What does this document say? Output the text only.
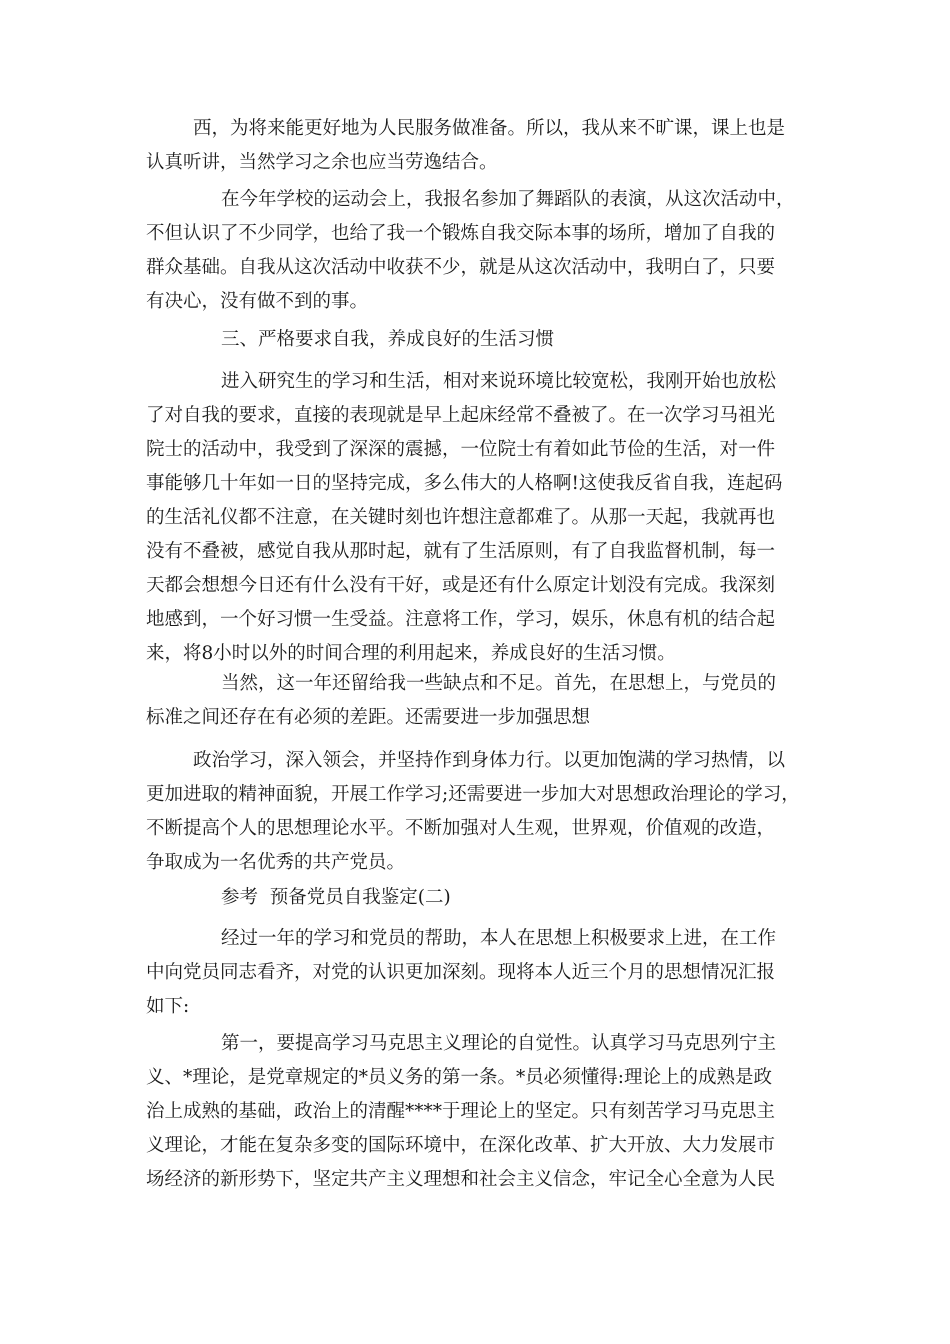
西，为将来能更好地为人民服务做准备。所以，我从来不旷课，课上也是
认真听讲，当然学习之余也应当劳逸结合。
在今年学校的运动会上，我报名参加了舞蹈队的表演，从这次活动中，
不但认识了不少同学，也给了我一个锻炼自我交际本事的场所，增加了自我的
群众基础。自我从这次活动中收获不少，就是从这次活动中，我明白了，只要
有决心，没有做不到的事。
三、严格要求自我，养成良好的生活习惯
进入研究生的学习和生活，相对来说环境比较宽松，我刚开始也放松
了对自我的要求，直接的表现就是早上起床经常不叠被了。在一次学习马祖光
院士的活动中，我受到了深深的震撼，一位院士有着如此节俭的生活，对一件
事能够几十年如一日的坚持完成，多么伟大的人格啊!这使我反省自我，连起码
的生活礼仪都不注意，在关键时刻也许想注意都难了。从那一天起，我就再也
没有不叠被，感觉自我从那时起，就有了生活原则，有了自我监督机制，每一
天都会想想今日还有什么没有干好，或是还有什么原定计划没有完成。我深刻
地感到，一个好习惯一生受益。注意将工作，学习，娱乐，休息有机的结合起
来，将8小时以外的时间合理的利用起来，养成良好的生活习惯。
当然，这一年还留给我一些缺点和不足。首先，在思想上，与党员的
标准之间还存在有必须的差距。还需要进一步加强思想
政治学习，深入领会，并坚持作到身体力行。以更加饱满的学习热情，以
更加进取的精神面貌，开展工作学习;还需要进一步加大对思想政治理论的学习，
不断提高个人的思想理论水平。不断加强对人生观，世界观，价值观的改造，
争取成为一名优秀的共产党员。
参考  预备党员自我鉴定(二)
经过一年的学习和党员的帮助，本人在思想上积极要求上进，在工作
中向党员同志看齐，对党的认识更加深刻。现将本人近三个月的思想情况汇报
如下:
第一，要提高学习马克思主义理论的自觉性。认真学习马克思列宁主
义、*理论，是党章规定的*员义务的第一条。*员必须懂得:理论上的成熟是政
治上成熟的基础，政治上的清醒****于理论上的坚定。只有刻苦学习马克思主
义理论，才能在复杂多变的国际环境中，在深化改革、扩大开放、大力发展市
场经济的新形势下，坚定共产主义理想和社会主义信念，牢记全心全意为人民
